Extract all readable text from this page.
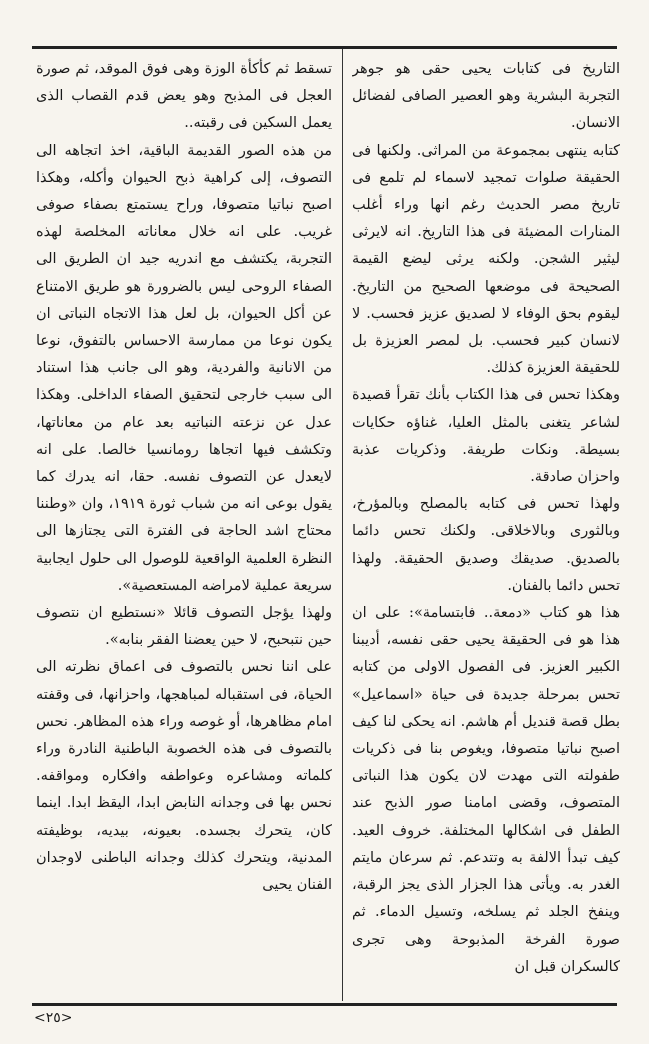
التاريخ فى كتابات يحيى حقى هو جوهر التجربة البشرية وهو العصير الصافى لفضائل الانسان.

كتابه ينتهى بمجموعة من المراثى. ولكنها فى الحقيقة صلوات تمجيد لاسماء لم تلمع فى تاريخ مصر الحديث رغم انها وراء أغلب المنارات المضيئة فى هذا التاريخ. انه لايرثى ليثير الشجن. ولكنه يرثى ليضع القيمة الصحيحة فى موضعها الصحيح من التاريخ. ليقوم بحق الوفاء لا لصديق عزيز فحسب. لا لانسان كبير فحسب. بل لمصر العزيزة بل للحقيقة العزيزة كذلك.

وهكذا تحس فى هذا الكتاب بأنك تقرأ قصيدة لشاعر يتغنى بالمثل العليا، غناؤه حكايات بسيطة. ونكات طريفة. وذكريات عذبة واحزان صادقة.

ولهذا تحس فى كتابه بالمصلح وبالمؤرخ، وبالثورى وبالاخلاقى. ولكنك تحس دائما بالصديق. صديقك وصديق الحقيقة. ولهذا تحس دائما بالفنان.

هذا هو كتاب «دمعة.. فابتسامة»: على ان هذا هو فى الحقيقة يحيى حقى نفسه، أديبنا الكبير العزيز. فى الفصول الاولى من كتابه تحس بمرحلة جديدة فى حياة «اسماعيل» بطل قصة قنديل أم هاشم. انه يحكى لنا كيف اصبح نباتيا متصوفا، ويغوص بنا فى ذكريات طفولته التى مهدت لان يكون هذا النباتى المتصوف، وقضى امامنا صور الذبح عند الطفل فى اشكالها المختلفة. خروف العيد. كيف تبدأ الالفة به وتتدعم. ثم سرعان مايتم الغدر به. ويأتى هذا الجزار الذى يجز الرقبة، وينفخ الجلد ثم يسلخه، وتسيل الدماء. ثم صورة الفرخة المذبوحة وهى تجرى كالسكران قبل ان

تسقط ثم كأكأة الوزة وهى فوق الموقد، ثم صورة العجل فى المذبح وهو يعض قدم القصاب الذى يعمل السكين فى رقبته..

من هذه الصور القديمة الباقية، اخذ اتجاهه الى التصوف، إلى كراهية ذبح الحيوان وأكله، وهكذا اصبح نباتيا متصوفا، وراح يستمتع بصفاء صوفى غريب. على انه خلال معاناته المخلصة لهذه التجربة، يكتشف مع اندريه جيد ان الطريق الى الصفاء الروحى ليس بالضرورة هو طريق الامتناع عن أكل الحيوان، بل لعل هذا الاتجاه النباتى ان يكون نوعا من ممارسة الاحساس بالتفوق، نوعا من الانانية والفردية، وهو الى جانب هذا استناد الى سبب خارجى لتحقيق الصفاء الداخلى. وهكذا عدل عن نزعته النباتيه بعد عام من معاناتها، وتكشف فيها اتجاها رومانسيا خالصا. على انه لايعدل عن التصوف نفسه. حقا، انه يدرك كما يقول بوعى انه من شباب ثورة ١٩١٩، وان «وطننا محتاج اشد الحاجة فى الفترة التى يجتازها الى النظرة العلمية الواقعية للوصول الى حلول ايجابية سريعة عملية لامراضه المستعصية».

ولهذا يؤجل التصوف قائلا «نستطيع ان نتصوف حين نتبحبح، لا حين يعضنا الفقر بنابه».

على اننا نحس بالتصوف فى اعماق نظرته الى الحياة، فى استقباله لمباهجها، واحزانها، فى وقفته امام مظاهرها، أو غوصه وراء هذه المظاهر. نحس بالتصوف فى هذه الخصوبة الباطنية النادرة وراء كلماته ومشاعره وعواطفه وافكاره ومواقفه. نحس بها فى وجدانه النابض ابدا، اليقظ ابدا. اينما كان، يتحرك بجسده. بعيونه، بيديه، بوظيفته المدنية، ويتحرك كذلك وجدانه الباطنى لاوجدان الفنان يحيى

<٢٥>
